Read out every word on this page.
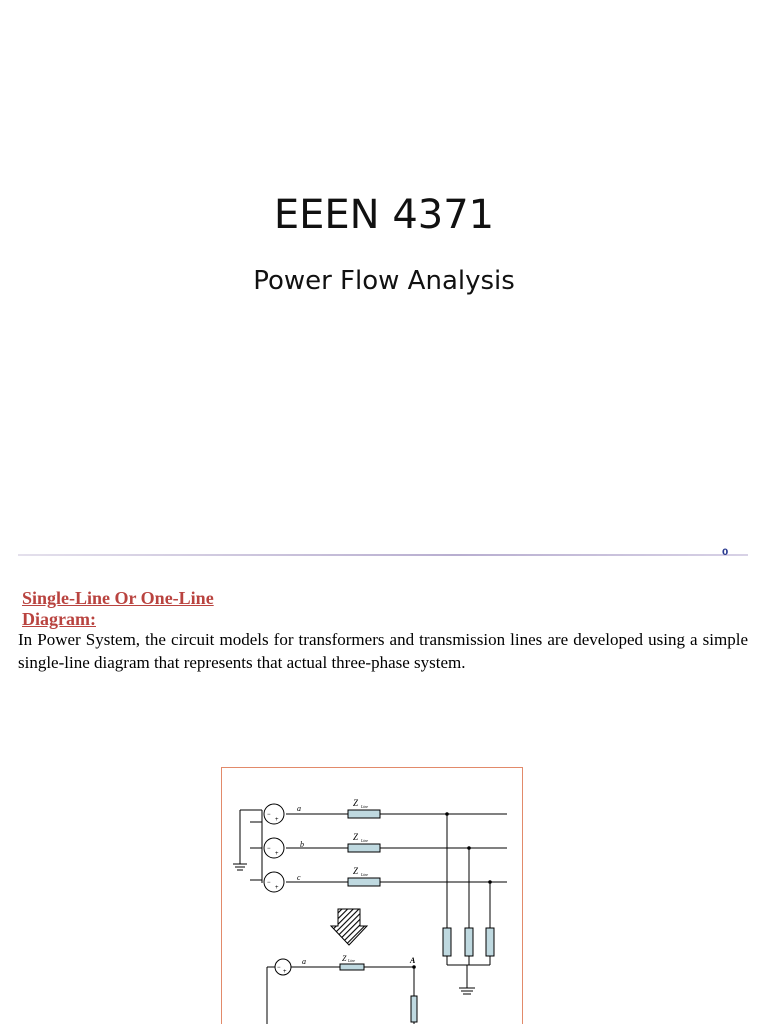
EEEN 4371
Power Flow Analysis
0
Single-Line Or One-Line Diagram:
In Power System, the circuit models for transformers and transmission lines are developed using a simple single-line diagram that represents that actual three-phase system.
−
+
−
+
−
+
−
+
a
b
c
Z Line
Z Line
Z Line
a	Z Line	A
